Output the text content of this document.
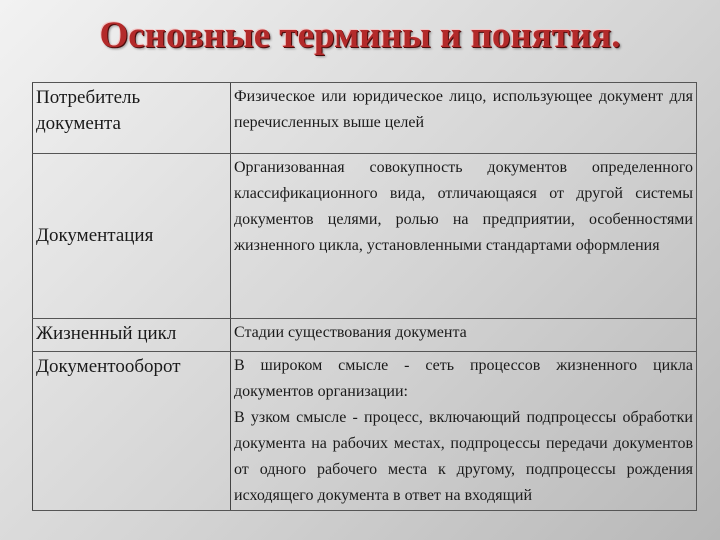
Основные термины и понятия.
Потребитель документа	Физическое или юридическое лицо, использующее документ для перечисленных выше целей

Документация	Организованная совокупность документов определенного классификационного вида, отличающаяся от другой системы документов целями, ролью на предприятии, особенностями жизненного цикла, установленными стандартами оформления

Жизненный цикл	Стадии существования документа

Документооборот	В широком смысле - сеть процессов жизненного цикла документов организации:
В узком смысле - процесс, включающий подпроцессы обработки документа на рабочих местах, подпроцессы передачи документов от одного рабочего места к другому, подпроцессы рождения исходящего документа в ответ на входящий
